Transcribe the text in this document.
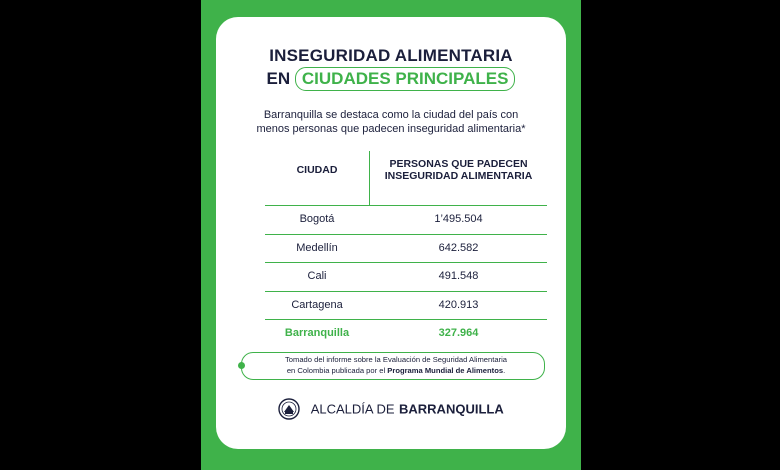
INSEGURIDAD ALIMENTARIA
EN CIUDADES PRINCIPALES
Barranquilla se destaca como la ciudad del país con
menos personas que padecen inseguridad alimentaria*
CIUDAD	PERSONAS QUE PADECEN
INSEGURIDAD ALIMENTARIA
Bogotá	1’495.504
Medellín	642.582
Cali	491.548
Cartagena	420.913
Barranquilla	327.964
Tomado del informe sobre la Evaluación de Seguridad Alimentaria
en Colombia publicada por el Programa Mundial de Alimentos.
ALCALDÍA DE BARRANQUILLA
